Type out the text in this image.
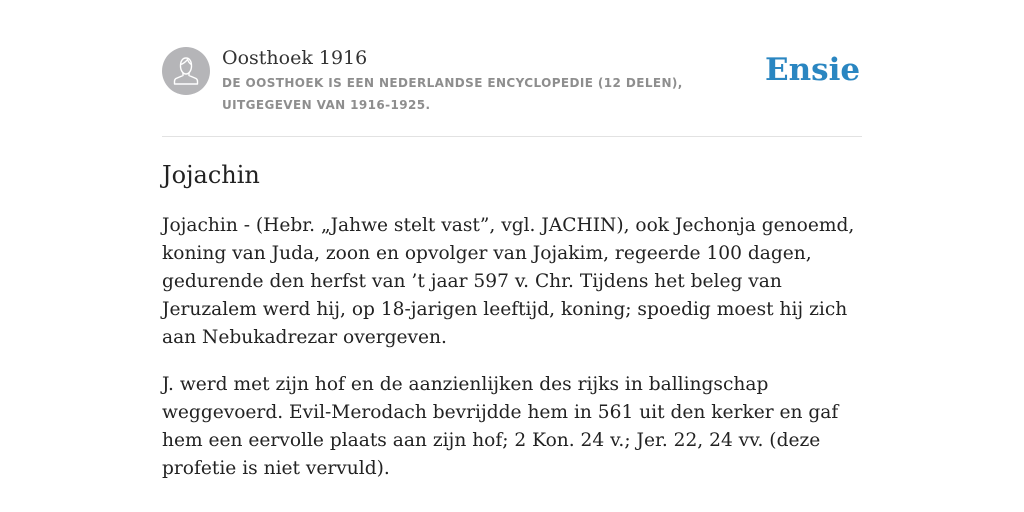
Oosthoek 1916

DE OOSTHOEK IS EEN NEDERLANDSE ENCYCLOPEDIE (12 DELEN), UITGEGEVEN VAN 1916-1925.

Ensie
Jojachin

Jojachin - (Hebr. „Jahwe stelt vast”, vgl. JACHIN), ook Jechonja genoemd, koning van Juda, zoon en opvolger van Jojakim, regeerde 100 dagen, gedurende den herfst van ’t jaar 597 v. Chr. Tijdens het beleg van Jeruzalem werd hij, op 18-jarigen leeftijd, koning; spoedig moest hij zich aan Nebukadrezar overgeven.

J. werd met zijn hof en de aanzienlijken des rijks in ballingschap weggevoerd. Evil-Merodach bevrijdde hem in 561 uit den kerker en gaf hem een eervolle plaats aan zijn hof; 2 Kon. 24 v.; Jer. 22, 24 vv. (deze profetie is niet vervuld).
